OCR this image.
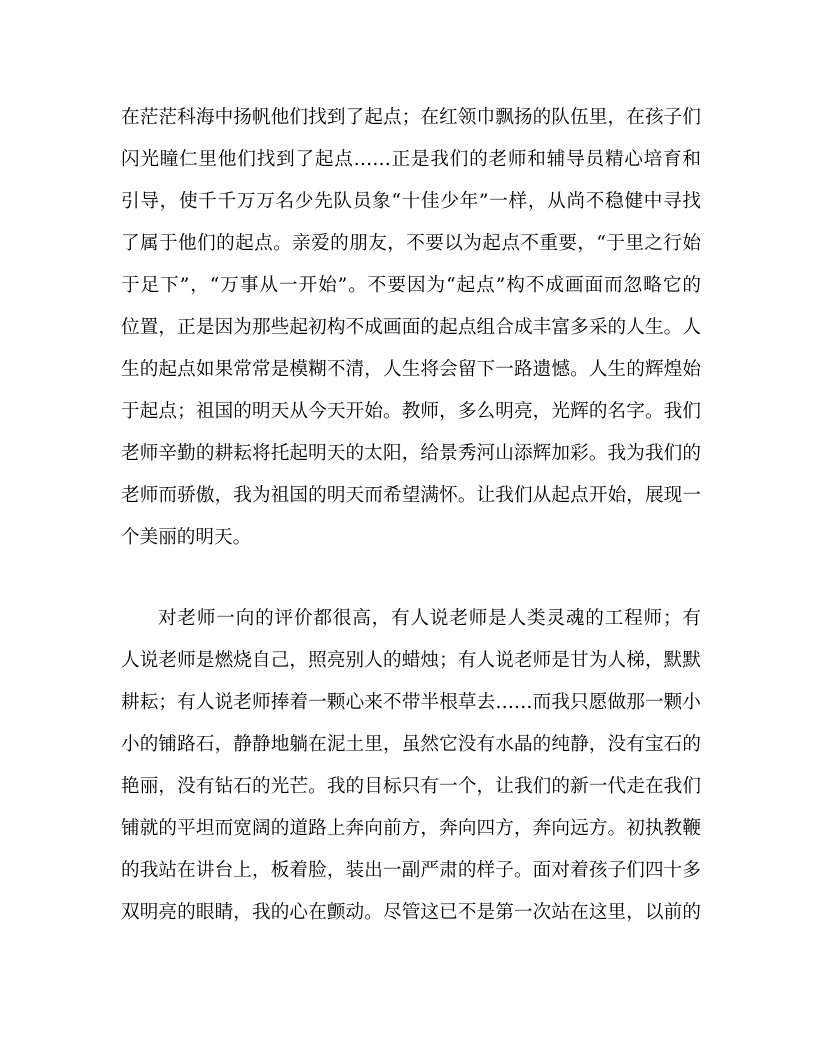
在茫茫科海中扬帆他们找到了起点；在红领巾飘扬的队伍里，在孩子们
闪光瞳仁里他们找到了起点……正是我们的老师和辅导员精心培育和
引导，使千千万万名少先队员象“十佳少年”一样，从尚不稳健中寻找
了属于他们的起点。亲爱的朋友，不要以为起点不重要，“于里之行始
于足下”，“万事从一开始”。不要因为“起点”构不成画面而忽略它的
位置，正是因为那些起初构不成画面的起点组合成丰富多采的人生。人
生的起点如果常常是模糊不清，人生将会留下一路遗憾。人生的辉煌始
于起点；祖国的明天从今天开始。教师，多么明亮，光辉的名字。我们
老师辛勤的耕耘将托起明天的太阳，给景秀河山添辉加彩。我为我们的
老师而骄傲，我为祖国的明天而希望满怀。让我们从起点开始，展现一
个美丽的明天。
对老师一向的评价都很高，有人说老师是人类灵魂的工程师；有
人说老师是燃烧自己，照亮别人的蜡烛；有人说老师是甘为人梯，默默
耕耘；有人说老师捧着一颗心来不带半根草去……而我只愿做那一颗小
小的铺路石，静静地躺在泥土里，虽然它没有水晶的纯静，没有宝石的
艳丽，没有钻石的光芒。我的目标只有一个，让我们的新一代走在我们
铺就的平坦而宽阔的道路上奔向前方，奔向四方，奔向远方。初执教鞭
的我站在讲台上，板着脸，装出一副严肃的样子。面对着孩子们四十多
双明亮的眼睛，我的心在颤动。尽管这已不是第一次站在这里，以前的
